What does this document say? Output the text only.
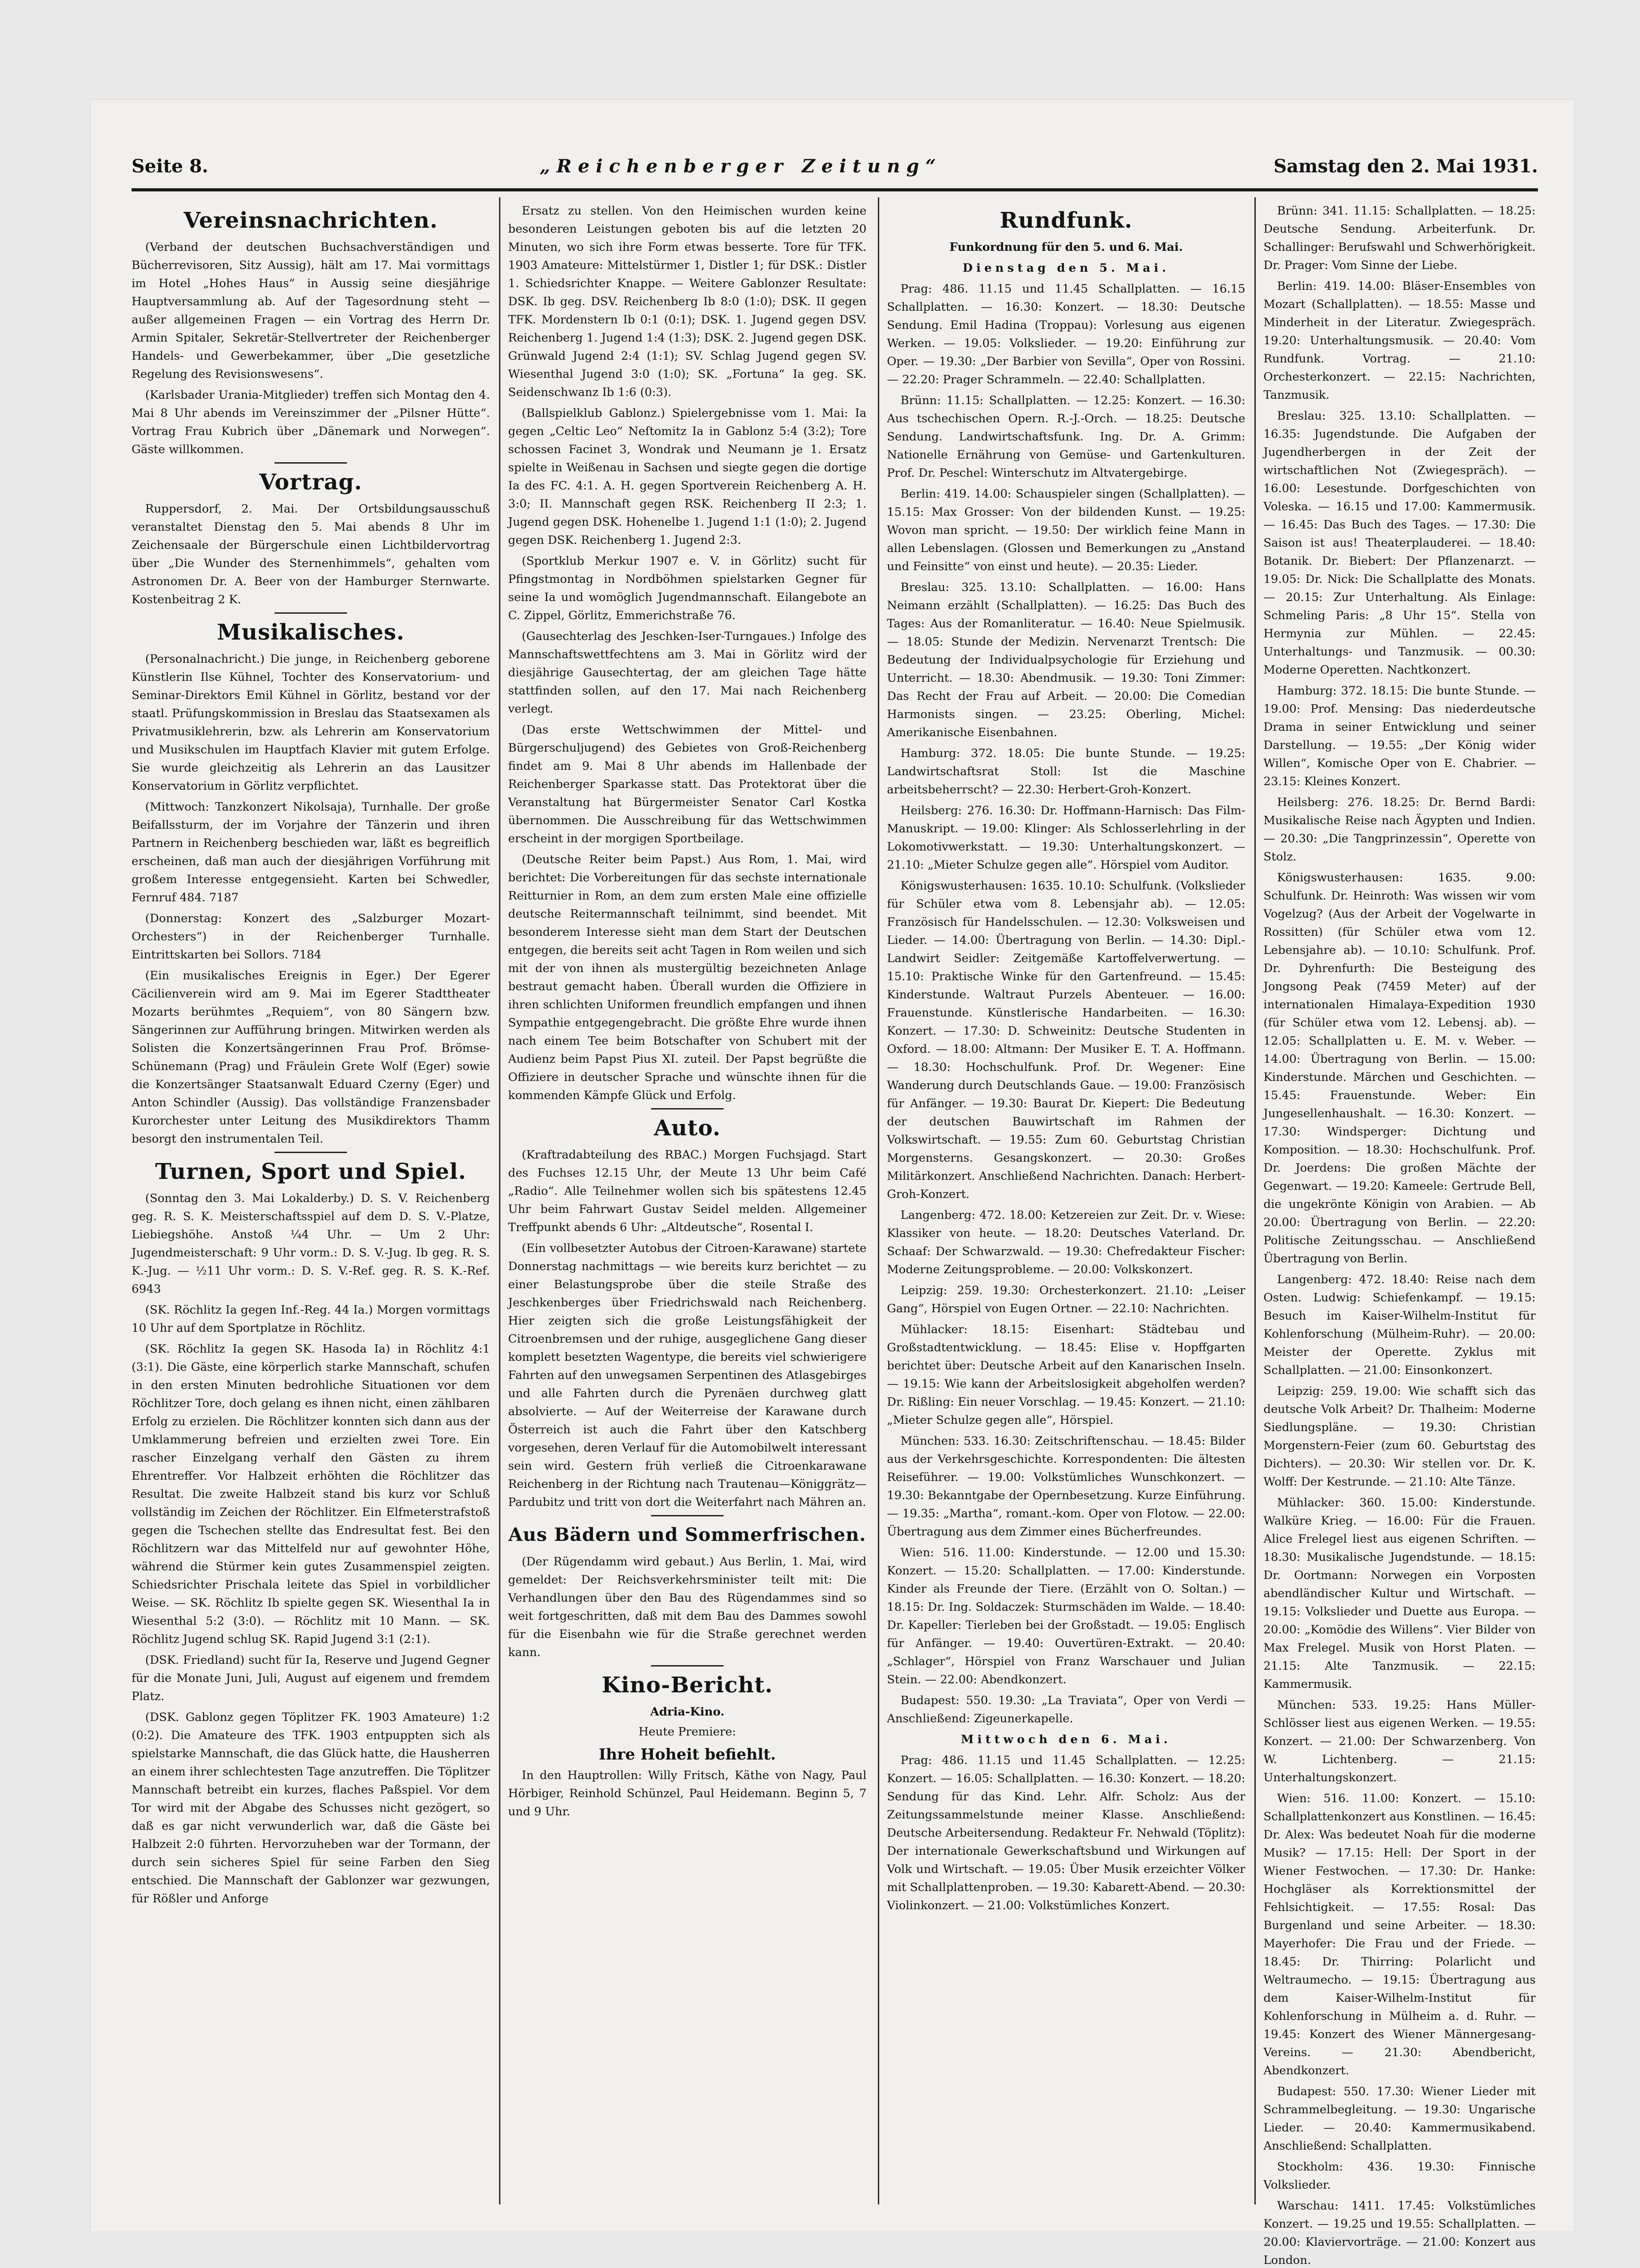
Seite 8.	„Reichenberger Zeitung“	Samstag den 2. Mai 1931.
Vereinsnachrichten.

(Verband der deutschen Buchsachverständigen und Bücherrevisoren, Sitz Aussig), hält am 17. Mai vormittags im Hotel „Hohes Haus“ in Aussig seine diesjährige Hauptversammlung ab. Auf der Tagesordnung steht — außer allgemeinen Fragen — ein Vortrag des Herrn Dr. Armin Spitaler, Sekretär-Stellvertreter der Reichenberger Handels- und Gewerbekammer, über „Die gesetzliche Regelung des Revisionswesens“.

(Karlsbader Urania-Mitglieder) treffen sich Montag den 4. Mai 8 Uhr abends im Vereinszimmer der „Pilsner Hütte“. Vortrag Frau Kubrich über „Dänemark und Norwegen“. Gäste willkommen.

Vortrag.

Ruppersdorf, 2. Mai. Der Ortsbildungsausschuß veranstaltet Dienstag den 5. Mai abends 8 Uhr im Zeichensaale der Bürgerschule einen Lichtbildervortrag über „Die Wunder des Sternenhimmels“, gehalten vom Astronomen Dr. A. Beer von der Hamburger Sternwarte. Kostenbeitrag 2 K.

Musikalisches.

(Personalnachricht.) Die junge, in Reichenberg geborene Künstlerin Ilse Kühnel, Tochter des Konservatorium- und Seminar-Direktors Emil Kühnel in Görlitz, bestand vor der staatl. Prüfungskommission in Breslau das Staatsexamen als Privatmusiklehrerin, bzw. als Lehrerin am Konservatorium und Musikschulen im Hauptfach Klavier mit gutem Erfolge. Sie wurde gleichzeitig als Lehrerin an das Lausitzer Konservatorium in Görlitz verpflichtet.

(Mittwoch: Tanzkonzert Nikolsaja), Turnhalle. Der große Beifallssturm, der im Vorjahre der Tänzerin und ihren Partnern in Reichenberg beschieden war, läßt es begreiflich erscheinen, daß man auch der diesjährigen Vorführung mit großem Interesse entgegensieht. Karten bei Schwedler, Fernruf 484. 7187

(Donnerstag: Konzert des „Salzburger Mozart-Orchesters“) in der Reichenberger Turnhalle. Eintrittskarten bei Sollors. 7184

(Ein musikalisches Ereignis in Eger.) Der Egerer Cäcilienverein wird am 9. Mai im Egerer Stadttheater Mozarts berühmtes „Requiem“, von 80 Sängern bzw. Sängerinnen zur Aufführung bringen. Mitwirken werden als Solisten die Konzertsängerinnen Frau Prof. Brömse-Schünemann (Prag) und Fräulein Grete Wolf (Eger) sowie die Konzertsänger Staatsanwalt Eduard Czerny (Eger) und Anton Schindler (Aussig). Das vollständige Franzensbader Kurorchester unter Leitung des Musikdirektors Thamm besorgt den instrumentalen Teil.

Turnen, Sport und Spiel.

(Sonntag den 3. Mai Lokalderby.) D. S. V. Reichenberg geg. R. S. K. Meisterschaftsspiel auf dem D. S. V.-Platze, Liebiegshöhe. Anstoß ¼4 Uhr. — Um 2 Uhr: Jugendmeisterschaft: 9 Uhr vorm.: D. S. V.-Jug. Ib geg. R. S. K.-Jug. — ½11 Uhr vorm.: D. S. V.-Ref. geg. R. S. K.-Ref. 6943

(SK. Röchlitz Ia gegen Inf.-Reg. 44 Ia.) Morgen vormittags 10 Uhr auf dem Sportplatze in Röchlitz.

(SK. Röchlitz Ia gegen SK. Hasoda Ia) in Röchlitz 4:1 (3:1). Die Gäste, eine körperlich starke Mannschaft, schufen in den ersten Minuten bedrohliche Situationen vor dem Röchlitzer Tore, doch gelang es ihnen nicht, einen zählbaren Erfolg zu erzielen. Die Röchlitzer konnten sich dann aus der Umklammerung befreien und erzielten zwei Tore. Ein rascher Einzelgang verhalf den Gästen zu ihrem Ehrentreffer. Vor Halbzeit erhöhten die Röchlitzer das Resultat. Die zweite Halbzeit stand bis kurz vor Schluß vollständig im Zeichen der Röchlitzer. Ein Elfmeterstrafstoß gegen die Tschechen stellte das Endresultat fest. Bei den Röchlitzern war das Mittelfeld nur auf gewohnter Höhe, während die Stürmer kein gutes Zusammenspiel zeigten. Schiedsrichter Prischala leitete das Spiel in vorbildlicher Weise. — SK. Röchlitz Ib spielte gegen SK. Wiesenthal Ia in Wiesenthal 5:2 (3:0). — Röchlitz mit 10 Mann. — SK. Röchlitz Jugend schlug SK. Rapid Jugend 3:1 (2:1).

(DSK. Friedland) sucht für Ia, Reserve und Jugend Gegner für die Monate Juni, Juli, August auf eigenem und fremdem Platz.

(DSK. Gablonz gegen Töplitzer FK. 1903 Amateure) 1:2 (0:2). Die Amateure des TFK. 1903 entpuppten sich als spielstarke Mannschaft, die das Glück hatte, die Hausherren an einem ihrer schlechtesten Tage anzutreffen. Die Töplitzer Mannschaft betreibt ein kurzes, flaches Paßspiel. Vor dem Tor wird mit der Abgabe des Schusses nicht gezögert, so daß es gar nicht verwunderlich war, daß die Gäste bei Halbzeit 2:0 führten. Hervorzuheben war der Tormann, der durch sein sicheres Spiel für seine Farben den Sieg entschied. Die Mannschaft der Gablonzer war gezwungen, für Rößler und Anforge

Ersatz zu stellen. Von den Heimischen wurden keine besonderen Leistungen geboten bis auf die letzten 20 Minuten, wo sich ihre Form etwas besserte. Tore für TFK. 1903 Amateure: Mittelstürmer 1, Distler 1; für DSK.: Distler 1. Schiedsrichter Knappe. — Weitere Gablonzer Resultate: DSK. Ib geg. DSV. Reichenberg Ib 8:0 (1:0); DSK. II gegen TFK. Mordenstern Ib 0:1 (0:1); DSK. 1. Jugend gegen DSV. Reichenberg 1. Jugend 1:4 (1:3); DSK. 2. Jugend gegen DSK. Grünwald Jugend 2:4 (1:1); SV. Schlag Jugend gegen SV. Wiesenthal Jugend 3:0 (1:0); SK. „Fortuna“ Ia geg. SK. Seidenschwanz Ib 1:6 (0:3).

(Ballspielklub Gablonz.) Spielergebnisse vom 1. Mai: Ia gegen „Celtic Leo“ Neſtomitz Ia in Gablonz 5:4 (3:2); Tore schossen Facinet 3, Wondrak und Neumann je 1. Ersatz spielte in Weißenau in Sachsen und siegte gegen die dortige Ia des FC. 4:1. A. H. gegen Sportverein Reichenberg A. H. 3:0; II. Mannschaft gegen RSK. Reichenberg II 2:3; 1. Jugend gegen DSK. Hohenelbe 1. Jugend 1:1 (1:0); 2. Jugend gegen DSK. Reichenberg 1. Jugend 2:3.

(Sportklub Merkur 1907 e. V. in Görlitz) sucht für Pfingstmontag in Nordböhmen spielstarken Gegner für seine Ia und womöglich Jugendmannschaft. Eilangebote an C. Zippel, Görlitz, Emmerichstraße 76.

(Gausechterlag des Jeschken-Iser-Turngaues.) Infolge des Mannschaftswettfechtens am 3. Mai in Görlitz wird der diesjährige Gausechtertag, der am gleichen Tage hätte stattfinden sollen, auf den 17. Mai nach Reichenberg verlegt.

(Das erste Wettschwimmen der Mittel- und Bürgerschuljugend) des Gebietes von Groß-Reichenberg findet am 9. Mai 8 Uhr abends im Hallenbade der Reichenberger Sparkasse statt. Das Protektorat über die Veranstaltung hat Bürgermeister Senator Carl Kostka übernommen. Die Ausschreibung für das Wettschwimmen erscheint in der morgigen Sportbeilage.

(Deutsche Reiter beim Papst.) Aus Rom, 1. Mai, wird berichtet: Die Vorbereitungen für das sechste internationale Reitturnier in Rom, an dem zum ersten Male eine offizielle deutsche Reitermannschaft teilnimmt, sind beendet. Mit besonderem Interesse sieht man dem Start der Deutschen entgegen, die bereits seit acht Tagen in Rom weilen und sich mit der von ihnen als mustergültig bezeichneten Anlage bestraut gemacht haben. Überall wurden die Offiziere in ihren schlichten Uniformen freundlich empfangen und ihnen Sympathie entgegengebracht. Die größte Ehre wurde ihnen nach einem Tee beim Botschafter von Schubert mit der Audienz beim Papst Pius XI. zuteil. Der Papst begrüßte die Offiziere in deutscher Sprache und wünschte ihnen für die kommenden Kämpfe Glück und Erfolg.

Auto.

(Kraftradabteilung des RBAC.) Morgen Fuchsjagd. Start des Fuchses 12.15 Uhr, der Meute 13 Uhr beim Café „Radio“. Alle Teilnehmer wollen sich bis spätestens 12.45 Uhr beim Fahrwart Gustav Seidel melden. Allgemeiner Treffpunkt abends 6 Uhr: „Altdeutsche“, Rosental I.

(Ein vollbesetzter Autobus der Citroen-Karawane) startete Donnerstag nachmittags — wie bereits kurz berichtet — zu einer Belastungsprobe über die steile Straße des Jeschkenberges über Friedrichswald nach Reichenberg. Hier zeigten sich die große Leistungsfähigkeit der Citroenbremsen und der ruhige, ausgeglichene Gang dieser komplett besetzten Wagentype, die bereits viel schwierigere Fahrten auf den unwegsamen Serpentinen des Atlasgebirges und alle Fahrten durch die Pyrenäen durchweg glatt absolvierte. — Auf der Weiterreise der Karawane durch Österreich ist auch die Fahrt über den Katschberg vorgesehen, deren Verlauf für die Automobilwelt interessant sein wird. Gestern früh verließ die Citroenkarawane Reichenberg in der Richtung nach Trautenau—Königgrätz—Pardubitz und tritt von dort die Weiterfahrt nach Mähren an.

Aus Bädern und Sommerfrischen.

(Der Rügendamm wird gebaut.) Aus Berlin, 1. Mai, wird gemeldet: Der Reichsverkehrsminister teilt mit: Die Verhandlungen über den Bau des Rügendammes sind so weit fortgeschritten, daß mit dem Bau des Dammes sowohl für die Eisenbahn wie für die Straße gerechnet werden kann.

Kino-Bericht.

Adria-Kino.

Heute Premiere:

Ihre Hoheit befiehlt.

In den Hauptrollen: Willy Fritsch, Käthe von Nagy, Paul Hörbiger, Reinhold Schünzel, Paul Heidemann. Beginn 5, 7 und 9 Uhr.

Rundfunk.

Funkordnung für den 5. und 6. Mai.

Dienstag den 5. Mai.

Prag: 486. 11.15 und 11.45 Schallplatten. — 16.15 Schallplatten. — 16.30: Konzert. — 18.30: Deutsche Sendung. Emil Hadina (Troppau): Vorlesung aus eigenen Werken. — 19.05: Volkslieder. — 19.20: Einführung zur Oper. — 19.30: „Der Barbier von Sevilla“, Oper von Rossini. — 22.20: Prager Schrammeln. — 22.40: Schallplatten.

Brünn: 11.15: Schallplatten. — 12.25: Konzert. — 16.30: Aus tschechischen Opern. R.-J.-Orch. — 18.25: Deutsche Sendung. Landwirtschaftsfunk. Ing. Dr. A. Grimm: Nationelle Ernährung von Gemüse- und Gartenkulturen. Prof. Dr. Peschel: Winterschutz im Altvatergebirge.

Berlin: 419. 14.00: Schauspieler singen (Schallplatten). — 15.15: Max Grosser: Von der bildenden Kunst. — 19.25: Wovon man spricht. — 19.50: Der wirklich feine Mann in allen Lebenslagen. (Glossen und Bemerkungen zu „Anstand und Feinsitte“ von einst und heute). — 20.35: Lieder.

Breslau: 325. 13.10: Schallplatten. — 16.00: Hans Neimann erzählt (Schallplatten). — 16.25: Das Buch des Tages: Aus der Romanliteratur. — 16.40: Neue Spielmusik. — 18.05: Stunde der Medizin. Nervenarzt Trentsch: Die Bedeutung der Individualpsychologie für Erziehung und Unterricht. — 18.30: Abendmusik. — 19.30: Toni Zimmer: Das Recht der Frau auf Arbeit. — 20.00: Die Comedian Harmonists singen. — 23.25: Oberling, Michel: Amerikanische Eisenbahnen.

Hamburg: 372. 18.05: Die bunte Stunde. — 19.25: Landwirtschaftsrat Stoll: Ist die Maschine arbeitsbeherrscht? — 22.30: Herbert-Groh-Konzert.

Heilsberg: 276. 16.30: Dr. Hoffmann-Harnisch: Das Film-Manuskript. — 19.00: Klinger: Als Schlosserlehrling in der Lokomotivwerkstatt. — 19.30: Unterhaltungskonzert. — 21.10: „Mieter Schulze gegen alle“. Hörspiel vom Auditor.

Königswusterhausen: 1635. 10.10: Schulfunk. (Volkslieder für Schüler etwa vom 8. Lebensjahr ab). — 12.05: Französisch für Handelsschulen. — 12.30: Volksweisen und Lieder. — 14.00: Übertragung von Berlin. — 14.30: Dipl.-Landwirt Seidler: Zeitgemäße Kartoffelverwertung. — 15.10: Praktische Winke für den Gartenfreund. — 15.45: Kinderstunde. Waltraut Purzels Abenteuer. — 16.00: Frauenstunde. Künstlerische Handarbeiten. — 16.30: Konzert. — 17.30: D. Schweinitz: Deutsche Studenten in Oxford. — 18.00: Altmann: Der Musiker E. T. A. Hoffmann. — 18.30: Hochschulfunk. Prof. Dr. Wegener: Eine Wanderung durch Deutschlands Gaue. — 19.00: Französisch für Anfänger. — 19.30: Baurat Dr. Kiepert: Die Bedeutung der deutschen Bauwirtschaft im Rahmen der Volkswirtschaft. — 19.55: Zum 60. Geburtstag Christian Morgensterns. Gesangskonzert. — 20.30: Großes Militärkonzert. Anschließend Nachrichten. Danach: Herbert-Groh-Konzert.

Langenberg: 472. 18.00: Ketzereien zur Zeit. Dr. v. Wiese: Klassiker von heute. — 18.20: Deutsches Vaterland. Dr. Schaaf: Der Schwarzwald. — 19.30: Chefredakteur Fischer: Moderne Zeitungsprobleme. — 20.00: Volkskonzert.

Leipzig: 259. 19.30: Orchesterkonzert. 21.10: „Leiser Gang“, Hörspiel von Eugen Ortner. — 22.10: Nachrichten.

Mühlacker: 18.15: Eisenhart: Städtebau und Großstadtentwicklung. — 18.45: Elise v. Hopffgarten berichtet über: Deutsche Arbeit auf den Kanarischen Inseln. — 19.15: Wie kann der Arbeitslosigkeit abgeholfen werden? Dr. Rißling: Ein neuer Vorschlag. — 19.45: Konzert. — 21.10: „Mieter Schulze gegen alle“, Hörspiel.

München: 533. 16.30: Zeitschriftenschau. — 18.45: Bilder aus der Verkehrsgeschichte. Korrespondenten: Die ältesten Reiseführer. — 19.00: Volkstümliches Wunschkonzert. — 19.30: Bekanntgabe der Opernbesetzung. Kurze Einführung. — 19.35: „Martha“, romant.-kom. Oper von Flotow. — 22.00: Übertragung aus dem Zimmer eines Bücherfreundes.

Wien: 516. 11.00: Kinderstunde. — 12.00 und 15.30: Konzert. — 15.20: Schallplatten. — 17.00: Kinderstunde. Kinder als Freunde der Tiere. (Erzählt von O. Soltan.) — 18.15: Dr. Ing. Soldaczek: Sturmschäden im Walde. — 18.40: Dr. Kapeller: Tierleben bei der Großstadt. — 19.05: Englisch für Anfänger. — 19.40: Ouvertüren-Extrakt. — 20.40: „Schlager“, Hörspiel von Franz Warschauer und Julian Stein. — 22.00: Abendkonzert.

Budapest: 550. 19.30: „La Traviata“, Oper von Verdi — Anschließend: Zigeunerkapelle.

Mittwoch den 6. Mai.

Prag: 486. 11.15 und 11.45 Schallplatten. — 12.25: Konzert. — 16.05: Schallplatten. — 16.30: Konzert. — 18.20: Sendung für das Kind. Lehr. Alfr. Scholz: Aus der Zeitungssammelstunde meiner Klasse. Anschließend: Deutsche Arbeitersendung. Redakteur Fr. Nehwald (Töplitz): Der internationale Gewerkschaftsbund und Wirkungen auf Volk und Wirtschaft. — 19.05: Über Musik erzeichter Völker mit Schallplattenproben. — 19.30: Kabarett-Abend. — 20.30: Violinkonzert. — 21.00: Volkstümliches Konzert.

Brünn: 341. 11.15: Schallplatten. — 18.25: Deutsche Sendung. Arbeiterfunk. Dr. Schallinger: Berufswahl und Schwerhörigkeit. Dr. Prager: Vom Sinne der Liebe.

Berlin: 419. 14.00: Bläser-Ensembles von Mozart (Schallplatten). — 18.55: Masse und Minderheit in der Literatur. Zwiegespräch. 19.20: Unterhaltungsmusik. — 20.40: Vom Rundfunk. Vortrag. — 21.10: Orchesterkonzert. — 22.15: Nachrichten, Tanzmusik.

Breslau: 325. 13.10: Schallplatten. — 16.35: Jugendstunde. Die Aufgaben der Jugendherbergen in der Zeit der wirtschaftlichen Not (Zwiegespräch). — 16.00: Lesestunde. Dorfgeschichten von Voleska. — 16.15 und 17.00: Kammermusik. — 16.45: Das Buch des Tages. — 17.30: Die Saison ist aus! Theaterplauderei. — 18.40: Botanik. Dr. Biebert: Der Pflanzenarzt. — 19.05: Dr. Nick: Die Schallplatte des Monats. — 20.15: Zur Unterhaltung. Als Einlage: Schmeling Paris: „8 Uhr 15“. Stella von Hermynia zur Mühlen. — 22.45: Unterhaltungs- und Tanzmusik. — 00.30: Moderne Operetten. Nachtkonzert.

Hamburg: 372. 18.15: Die bunte Stunde. — 19.00: Prof. Mensing: Das niederdeutsche Drama in seiner Entwicklung und seiner Darstellung. — 19.55: „Der König wider Willen“, Komische Oper von E. Chabrier. — 23.15: Kleines Konzert.

Heilsberg: 276. 18.25: Dr. Bernd Bardi: Musikalische Reise nach Ägypten und Indien. — 20.30: „Die Tangprinzessin“, Operette von Stolz.

Königswusterhausen: 1635. 9.00: Schulfunk. Dr. Heinroth: Was wissen wir vom Vogelzug? (Aus der Arbeit der Vogelwarte in Rossitten) (für Schüler etwa vom 12. Lebensjahre ab). — 10.10: Schulfunk. Prof. Dr. Dyhrenfurth: Die Besteigung des Jongsong Peak (7459 Meter) auf der internationalen Himalaya-Expedition 1930 (für Schüler etwa vom 12. Lebensj. ab). — 12.05: Schallplatten u. E. M. v. Weber. — 14.00: Übertragung von Berlin. — 15.00: Kinderstunde. Märchen und Geschichten. — 15.45: Frauenstunde. Weber: Ein Jungesellenhaushalt. — 16.30: Konzert. — 17.30: Windsperger: Dichtung und Komposition. — 18.30: Hochschulfunk. Prof. Dr. Joerdens: Die großen Mächte der Gegenwart. — 19.20: Kameele: Gertrude Bell, die ungekrönte Königin von Arabien. — Ab 20.00: Übertragung von Berlin. — 22.20: Politische Zeitungsschau. — Anschließend Übertragung von Berlin.

Langenberg: 472. 18.40: Reise nach dem Osten. Ludwig: Schiefenkampf. — 19.15: Besuch im Kaiser-Wilhelm-Institut für Kohlenforschung (Mülheim-Ruhr). — 20.00: Meister der Operette. Zyklus mit Schallplatten. — 21.00: Einsonkonzert.

Leipzig: 259. 19.00: Wie schafft sich das deutsche Volk Arbeit? Dr. Thalheim: Moderne Siedlungspläne. — 19.30: Christian Morgenstern-Feier (zum 60. Geburtstag des Dichters). — 20.30: Wir stellen vor. Dr. K. Wolff: Der Kestrunde. — 21.10: Alte Tänze.

Mühlacker: 360. 15.00: Kinderstunde. Walküre Krieg. — 16.00: Für die Frauen. Alice Frelegel liest aus eigenen Schriften. — 18.30: Musikalische Jugendstunde. — 18.15: Dr. Oortmann: Norwegen ein Vorposten abendländischer Kultur und Wirtschaft. — 19.15: Volkslieder und Duette aus Europa. — 20.00: „Komödie des Willens“. Vier Bilder von Max Frelegel. Musik von Horst Platen. — 21.15: Alte Tanzmusik. — 22.15: Kammermusik.

München: 533. 19.25: Hans Müller-Schlösser liest aus eigenen Werken. — 19.55: Konzert. — 21.00: Der Schwarzenberg. Von W. Lichtenberg. — 21.15: Unterhaltungskonzert.

Wien: 516. 11.00: Konzert. — 15.10: Schallplattenkonzert aus Konstlinen. — 16.45: Dr. Alex: Was bedeutet Noah für die moderne Musik? — 17.15: Hell: Der Sport in der Wiener Festwochen. — 17.30: Dr. Hanke: Hochgläser als Korrektionsmittel der Fehlsichtigkeit. — 17.55: Rosal: Das Burgenland und seine Arbeiter. — 18.30: Mayerhofer: Die Frau und der Friede. — 18.45: Dr. Thirring: Polarlicht und Weltraumecho. — 19.15: Übertragung aus dem Kaiser-Wilhelm-Institut für Kohlenforschung in Mülheim a. d. Ruhr. — 19.45: Konzert des Wiener Männergesang-Vereins. — 21.30: Abendbericht, Abendkonzert.

Budapest: 550. 17.30: Wiener Lieder mit Schrammelbegleitung. — 19.30: Ungarische Lieder. — 20.40: Kammermusikabend. Anschließend: Schallplatten.

Stockholm: 436. 19.30: Finnische Volkslieder.

Warschau: 1411. 17.45: Volkstümliches Konzert. — 19.25 und 19.55: Schallplatten. — 20.00: Klaviervorträge. — 21.00: Konzert aus London.
